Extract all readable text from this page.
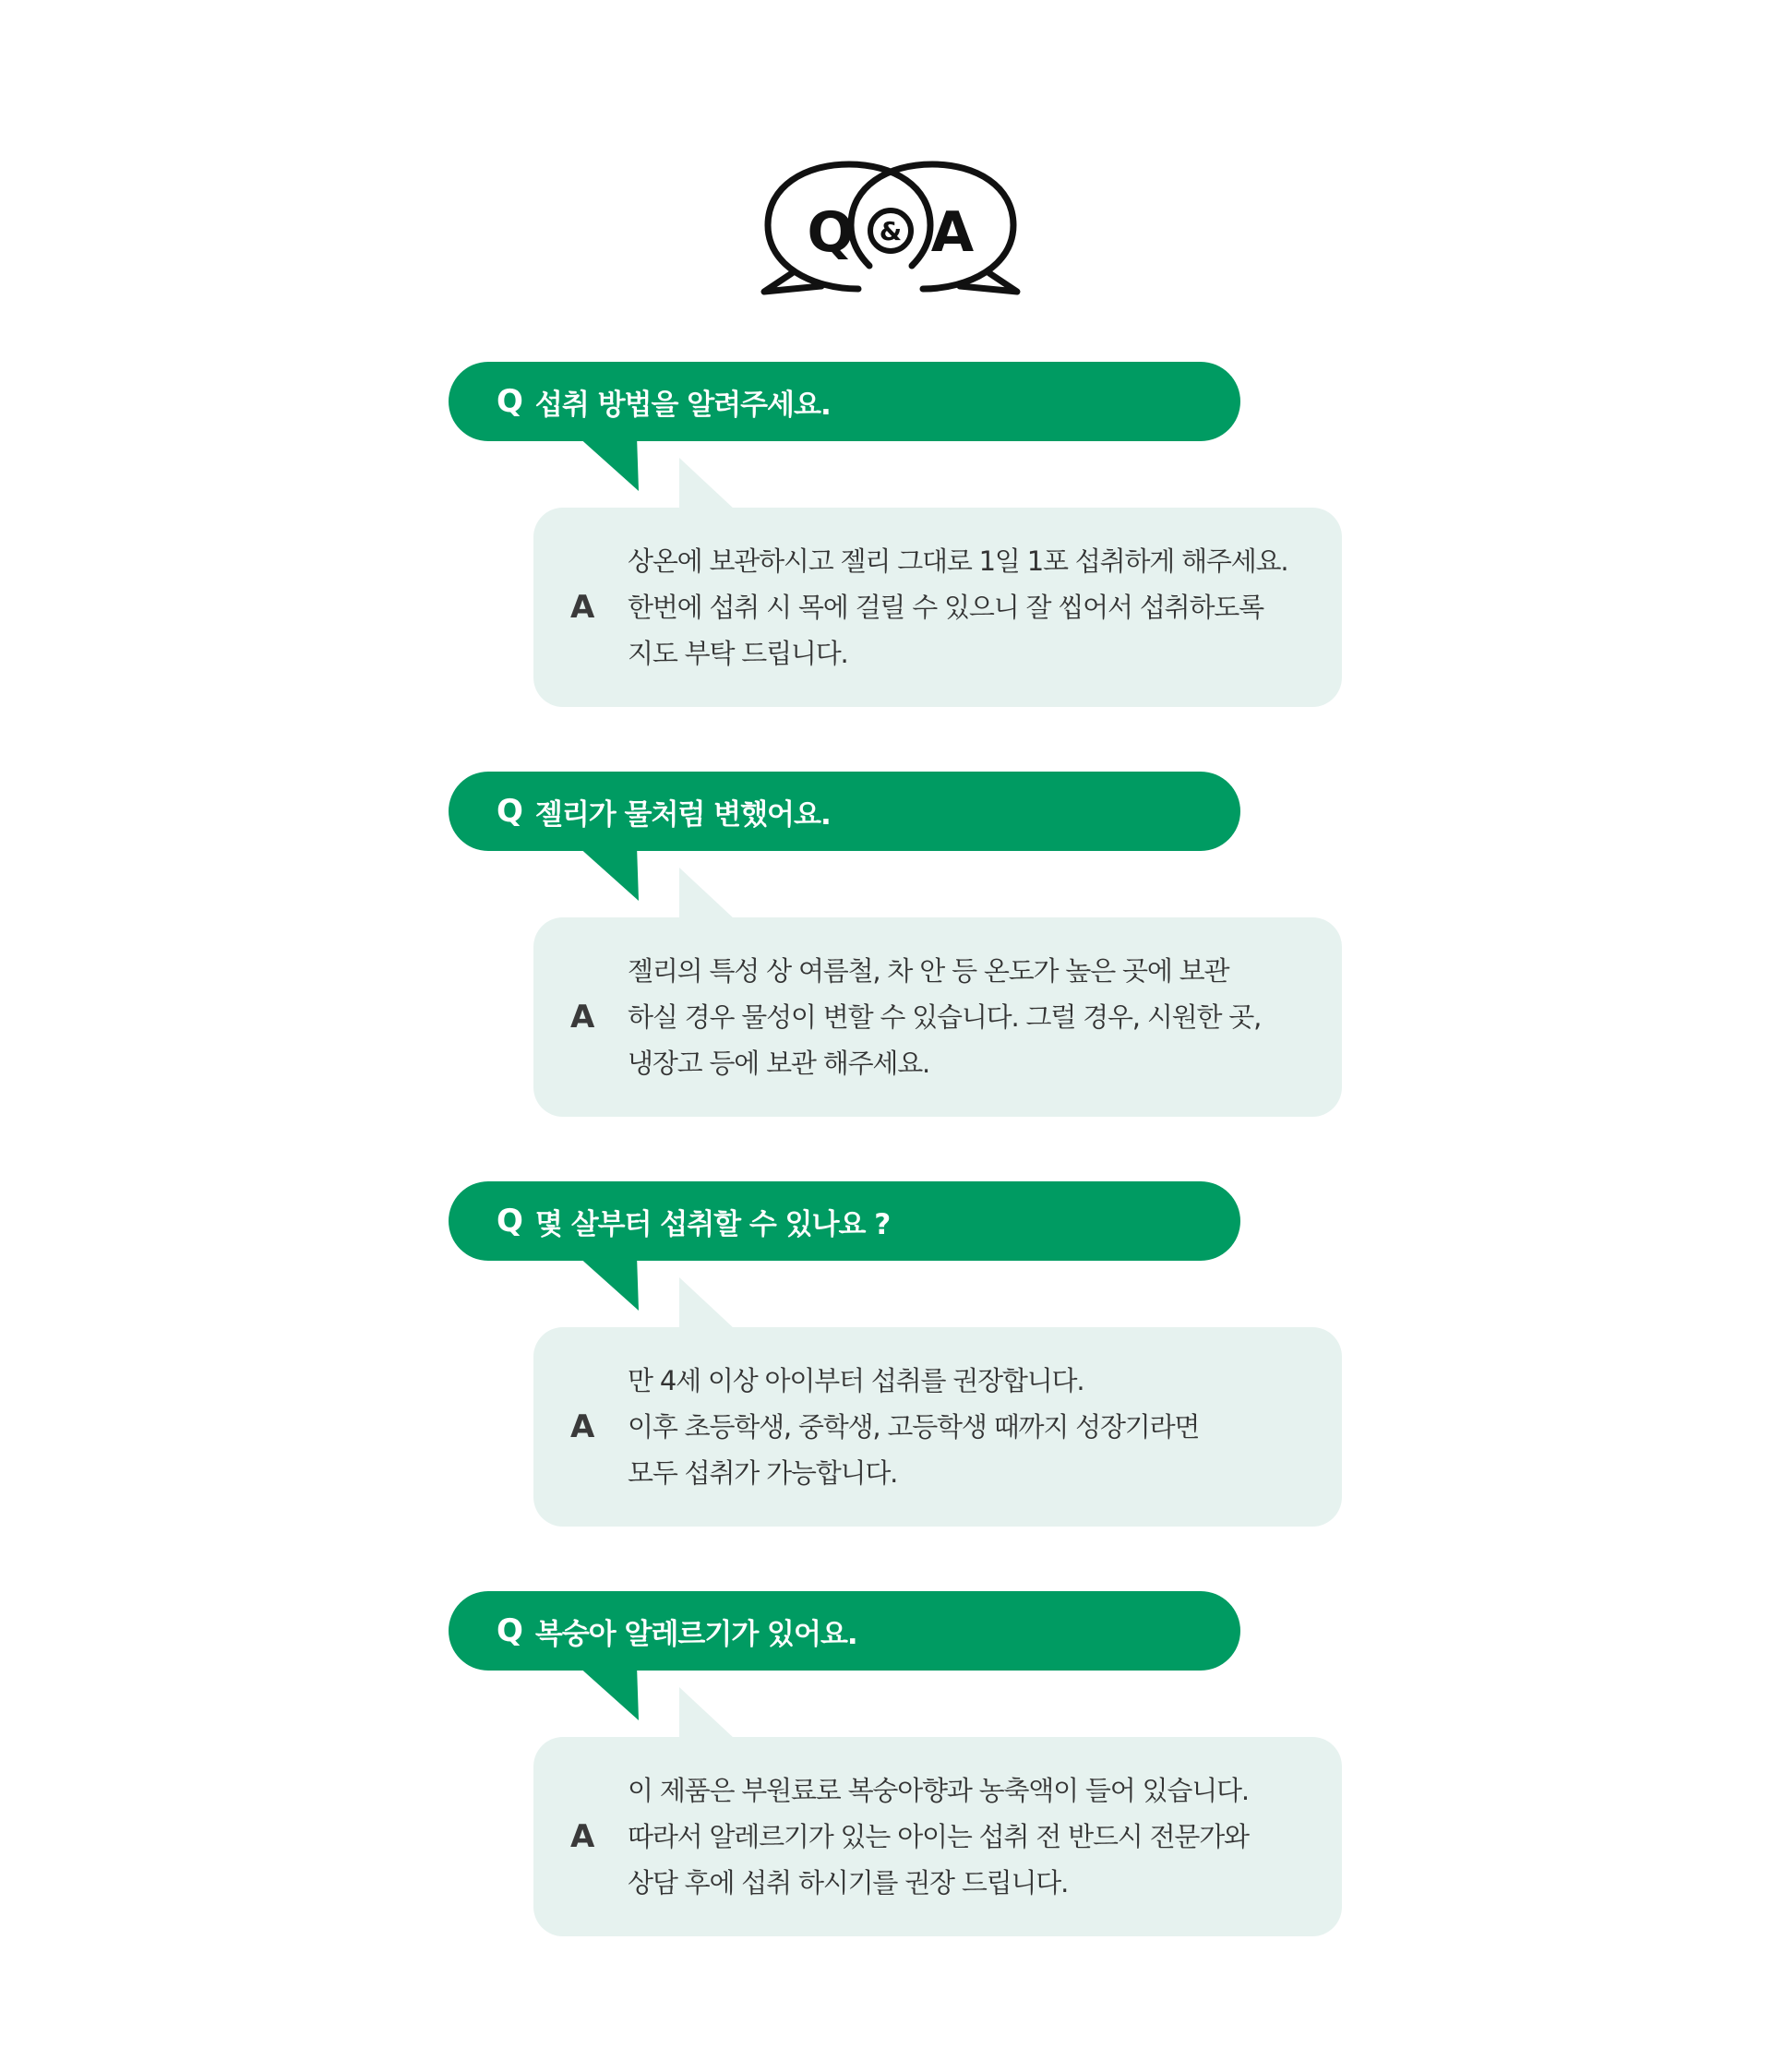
Q & A
Q 섭취 방법을 알려주세요.
A
상온에 보관하시고 젤리 그대로 1일 1포 섭취하게 해주세요.
한번에 섭취 시 목에 걸릴 수 있으니 잘 씹어서 섭취하도록
지도 부탁 드립니다.
Q 젤리가 물처럼 변했어요.
A
젤리의 특성 상 여름철, 차 안 등 온도가 높은 곳에 보관
하실 경우 물성이 변할 수 있습니다. 그럴 경우, 시원한 곳,
냉장고 등에 보관 해주세요.
Q 몇 살부터 섭취할 수 있나요 ?
A
만 4세 이상 아이부터 섭취를 권장합니다.
이후 초등학생, 중학생, 고등학생 때까지 성장기라면
모두 섭취가 가능합니다.
Q 복숭아 알레르기가 있어요.
A
이 제품은 부원료로 복숭아향과 농축액이 들어 있습니다.
따라서 알레르기가 있는 아이는 섭취 전 반드시 전문가와
상담 후에 섭취 하시기를 권장 드립니다.
